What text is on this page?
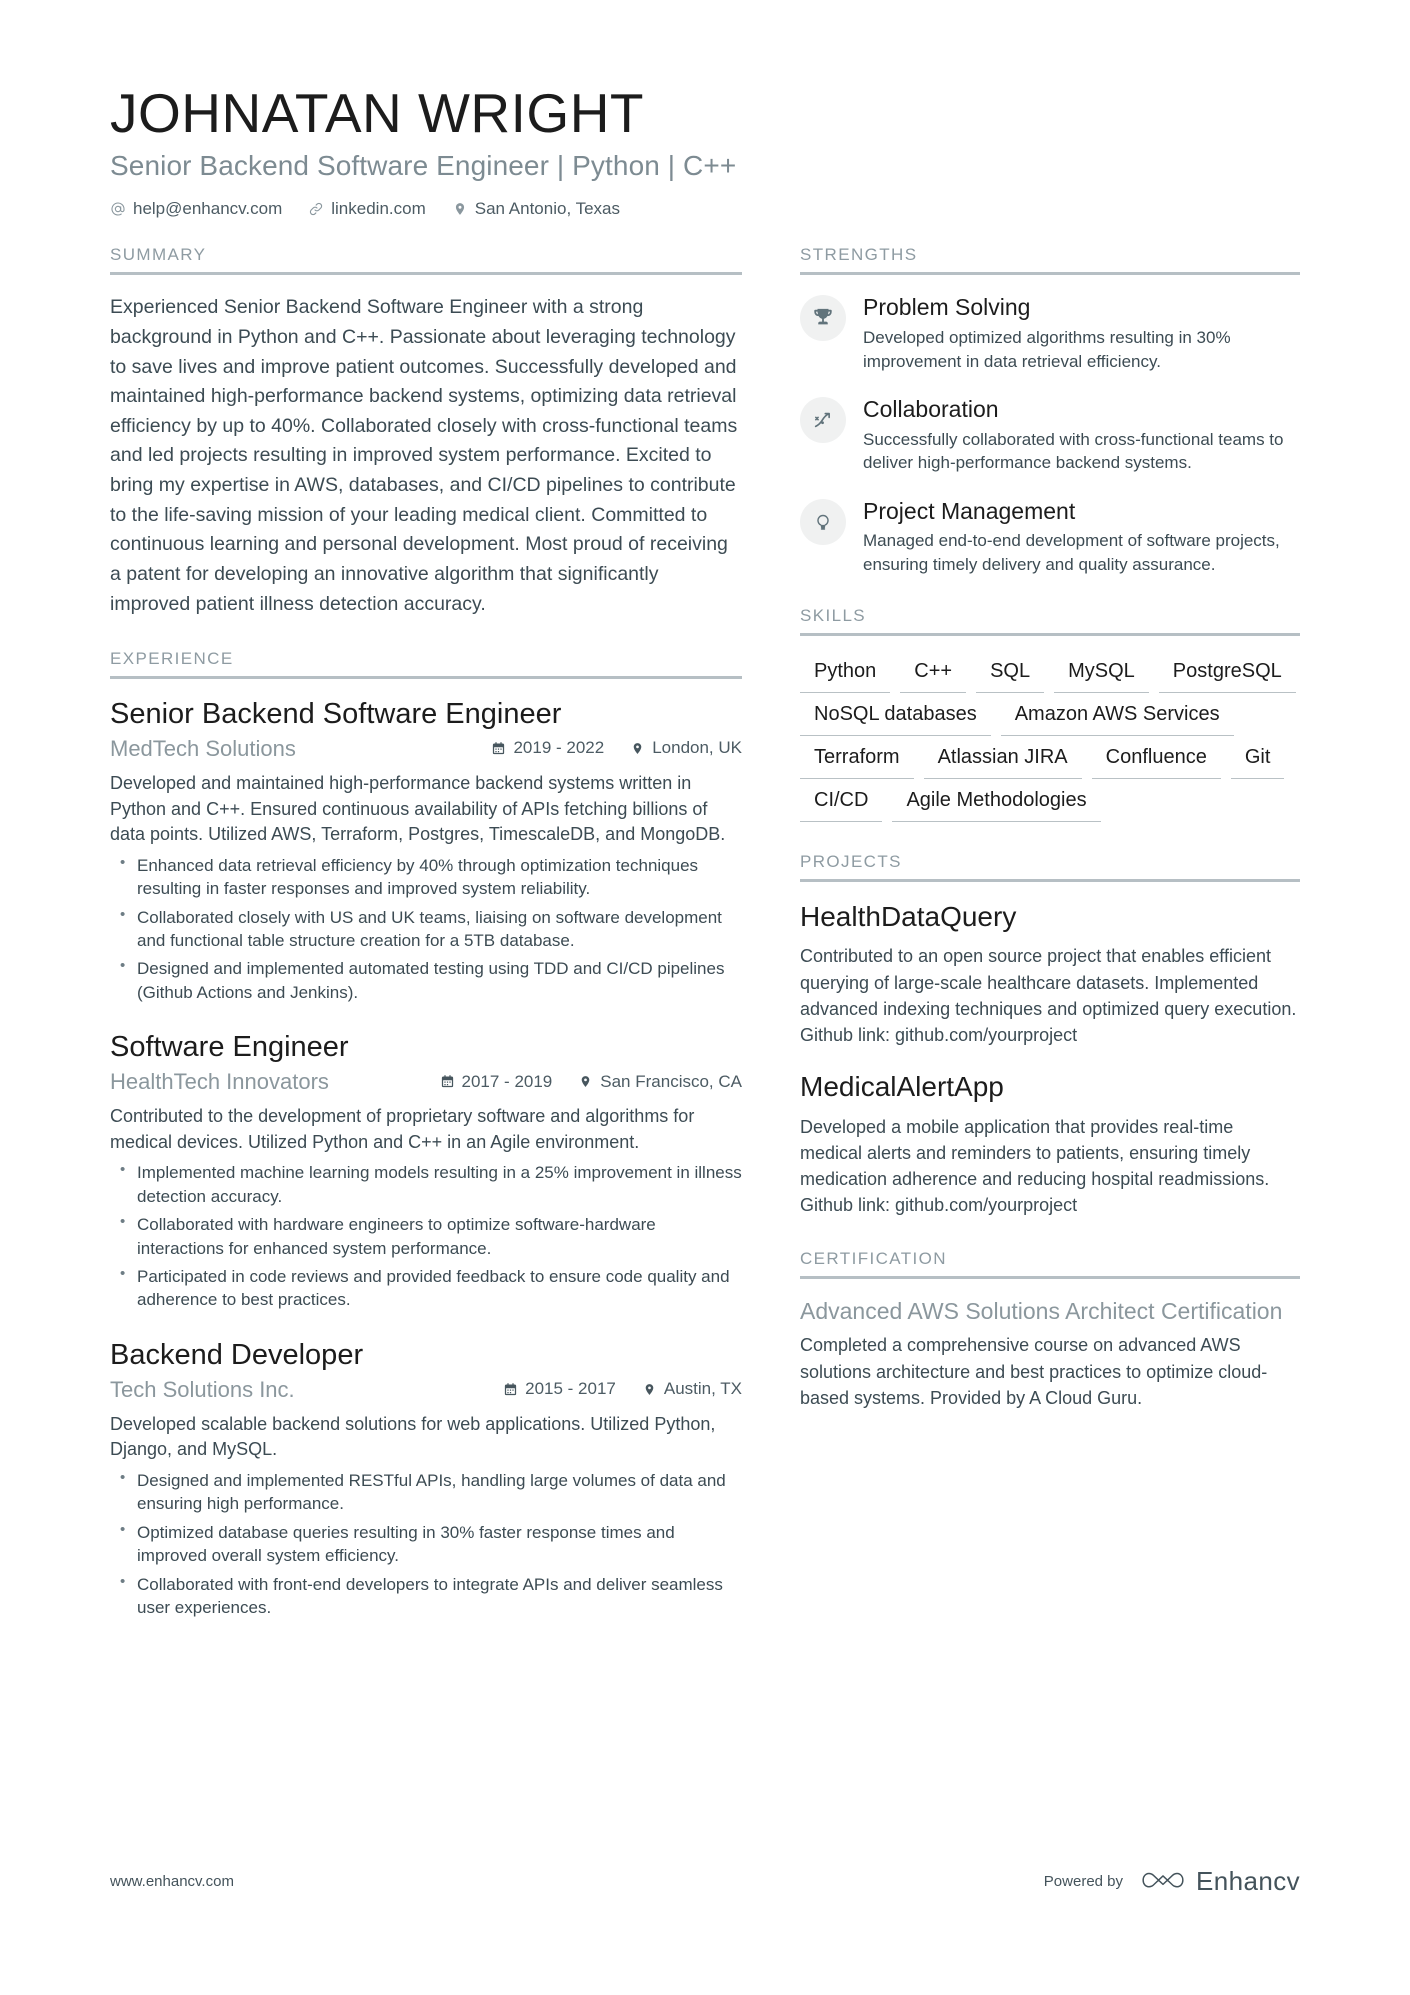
JOHNATAN WRIGHT
Senior Backend Software Engineer | Python | C++
help@enhancv.com	linkedin.com	San Antonio, Texas
SUMMARY
Experienced Senior Backend Software Engineer with a strong background in Python and C++. Passionate about leveraging technology to save lives and improve patient outcomes. Successfully developed and maintained high-performance backend systems, optimizing data retrieval efficiency by up to 40%. Collaborated closely with cross-functional teams and led projects resulting in improved system performance. Excited to bring my expertise in AWS, databases, and CI/CD pipelines to contribute to the life-saving mission of your leading medical client. Committed to continuous learning and personal development. Most proud of receiving a patent for developing an innovative algorithm that significantly improved patient illness detection accuracy.
EXPERIENCE
Senior Backend Software Engineer
MedTech Solutions	2019 - 2022	London, UK
Developed and maintained high-performance backend systems written in Python and C++. Ensured continuous availability of APIs fetching billions of data points. Utilized AWS, Terraform, Postgres, TimescaleDB, and MongoDB.
• Enhanced data retrieval efficiency by 40% through optimization techniques resulting in faster responses and improved system reliability.
• Collaborated closely with US and UK teams, liaising on software development and functional table structure creation for a 5TB database.
• Designed and implemented automated testing using TDD and CI/CD pipelines (Github Actions and Jenkins).
Software Engineer
HealthTech Innovators	2017 - 2019	San Francisco, CA
Contributed to the development of proprietary software and algorithms for medical devices. Utilized Python and C++ in an Agile environment.
• Implemented machine learning models resulting in a 25% improvement in illness detection accuracy.
• Collaborated with hardware engineers to optimize software-hardware interactions for enhanced system performance.
• Participated in code reviews and provided feedback to ensure code quality and adherence to best practices.
Backend Developer
Tech Solutions Inc.	2015 - 2017	Austin, TX
Developed scalable backend solutions for web applications. Utilized Python, Django, and MySQL.
• Designed and implemented RESTful APIs, handling large volumes of data and ensuring high performance.
• Optimized database queries resulting in 30% faster response times and improved overall system efficiency.
• Collaborated with front-end developers to integrate APIs and deliver seamless user experiences.
STRENGTHS
Problem Solving
Developed optimized algorithms resulting in 30% improvement in data retrieval efficiency.
Collaboration
Successfully collaborated with cross-functional teams to deliver high-performance backend systems.
Project Management
Managed end-to-end development of software projects, ensuring timely delivery and quality assurance.
SKILLS
Python	C++	SQL	MySQL	PostgreSQL
NoSQL databases	Amazon AWS Services
Terraform	Atlassian JIRA	Confluence	Git
CI/CD	Agile Methodologies
PROJECTS
HealthDataQuery
Contributed to an open source project that enables efficient querying of large-scale healthcare datasets. Implemented advanced indexing techniques and optimized query execution. Github link: github.com/yourproject
MedicalAlertApp
Developed a mobile application that provides real-time medical alerts and reminders to patients, ensuring timely medication adherence and reducing hospital readmissions. Github link: github.com/yourproject
CERTIFICATION
Advanced AWS Solutions Architect Certification
Completed a comprehensive course on advanced AWS solutions architecture and best practices to optimize cloud-based systems. Provided by A Cloud Guru.
www.enhancv.com	Powered by	Enhancv
